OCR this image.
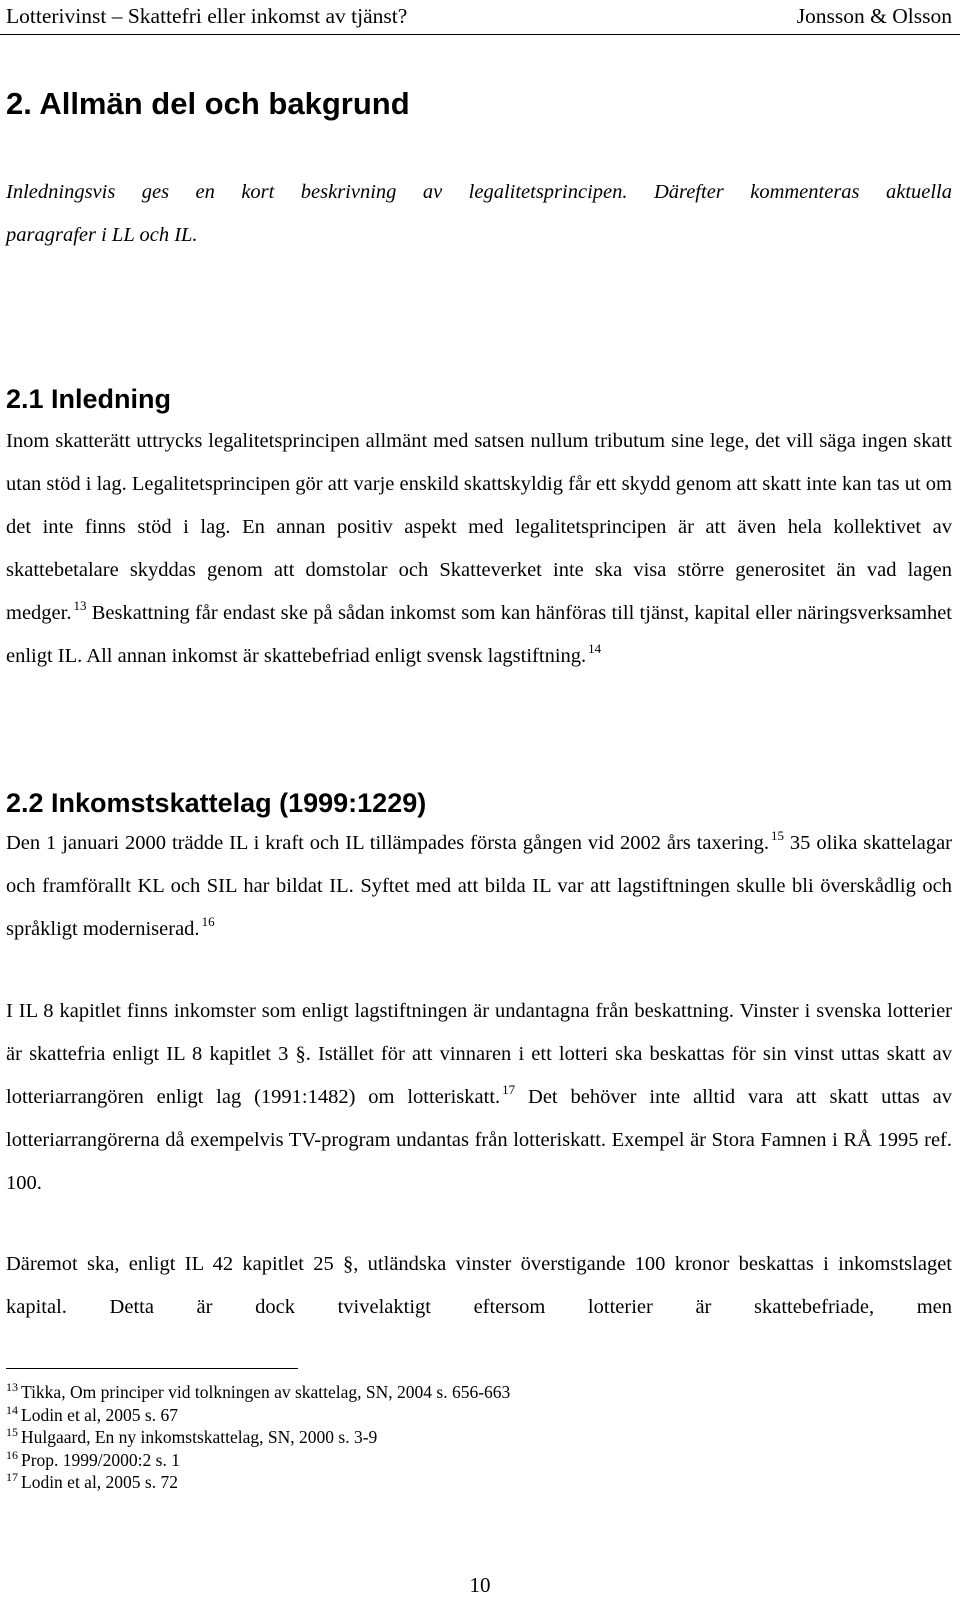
Lotterivinst – Skattefri eller inkomst av tjänst?	Jonsson & Olsson
2. Allmän del och bakgrund
Inledningsvis ges en kort beskrivning av legalitetsprincipen. Därefter kommenteras aktuella
paragrafer i LL och IL.
2.1 Inledning
Inom skatterätt uttrycks legalitetsprincipen allmänt med satsen nullum tributum sine lege, det vill säga ingen skatt utan stöd i lag. Legalitetsprincipen gör att varje enskild skattskyldig får ett skydd genom att skatt inte kan tas ut om det inte finns stöd i lag. En annan positiv aspekt med legalitetsprincipen är att även hela kollektivet av skattebetalare skyddas genom att domstolar och Skatteverket inte ska visa större generositet än vad lagen medger. $^{13}$ Beskattning får endast ske på sådan inkomst som kan hänföras till tjänst, kapital eller näringsverksamhet enligt IL. All annan inkomst är skattebefriad enligt svensk lagstiftning. $^{14}$
2.2 Inkomstskattelag (1999:1229)
Den 1 januari 2000 trädde IL i kraft och IL tillämpades första gången vid 2002 års taxering. $^{15}$ 35 olika skattelagar och framförallt KL och SIL har bildat IL. Syftet med att bilda IL var att lagstiftningen skulle bli överskådlig och språkligt moderniserad. $^{16}$
I IL 8 kapitlet finns inkomster som enligt lagstiftningen är undantagna från beskattning. Vinster i svenska lotterier är skattefria enligt IL 8 kapitlet 3 §. Istället för att vinnaren i ett lotteri ska beskattas för sin vinst uttas skatt av lotteriarrangören enligt lag (1991:1482) om lotteriskatt. $^{17}$ Det behöver inte alltid vara att skatt uttas av lotteriarrangörerna då exempelvis TV-program undantas från lotteriskatt. Exempel är Stora Famnen i RÅ 1995 ref. 100.
Däremot ska, enligt IL 42 kapitlet 25 §, utländska vinster överstigande 100 kronor beskattas i inkomstslaget kapital. Detta är dock tvivelaktigt eftersom lotterier är skattebefriade, men
$^{13}$ Tikka, Om principer vid tolkningen av skattelag, SN, 2004 s. 656-663
$^{14}$ Lodin et al, 2005 s. 67
$^{15}$ Hulgaard, En ny inkomstskattelag, SN, 2000 s. 3-9
$^{16}$ Prop. 1999/2000:2 s. 1
$^{17}$ Lodin et al, 2005 s. 72
10
